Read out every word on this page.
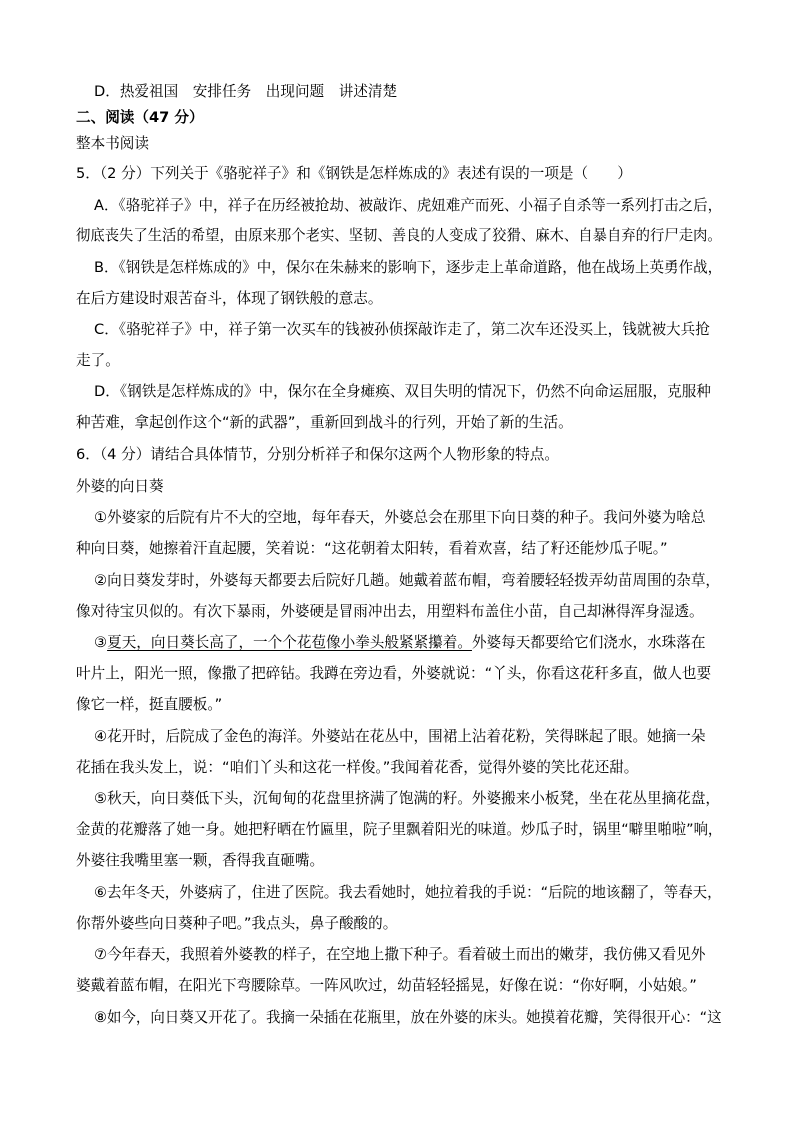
D．热爱祖国　安排任务　出现问题　讲述清楚
二、阅读（47 分）
整本书阅读
5．（2 分）下列关于《骆驼祥子》和《钢铁是怎样炼成的》表述有误的一项是（　　）
A．《骆驼祥子》中，祥子在历经被抢劫、被敲诈、虎妞难产而死、小福子自杀等一系列打击之后，
彻底丧失了生活的希望，由原来那个老实、坚韧、善良的人变成了狡猾、麻木、自暴自弃的行尸走肉。
B．《钢铁是怎样炼成的》中，保尔在朱赫来的影响下，逐步走上革命道路，他在战场上英勇作战，
在后方建设时艰苦奋斗，体现了钢铁般的意志。
C．《骆驼祥子》中，祥子第一次买车的钱被孙侦探敲诈走了，第二次车还没买上，钱就被大兵抢
走了。
D．《钢铁是怎样炼成的》中，保尔在全身瘫痪、双目失明的情况下，仍然不向命运屈服，克服种
种苦难，拿起创作这个“新的武器”，重新回到战斗的行列，开始了新的生活。
6．（4 分）请结合具体情节，分别分析祥子和保尔这两个人物形象的特点。
外婆的向日葵
①外婆家的后院有片不大的空地，每年春天，外婆总会在那里下向日葵的种子。我问外婆为啥总
种向日葵，她擦着汗直起腰，笑着说：“这花朝着太阳转，看着欢喜，结了籽还能炒瓜子呢。”
②向日葵发芽时，外婆每天都要去后院好几趟。她戴着蓝布帽，弯着腰轻轻拨弄幼苗周围的杂草，
像对待宝贝似的。有次下暴雨，外婆硬是冒雨冲出去，用塑料布盖住小苗，自己却淋得浑身湿透。
③夏天，向日葵长高了，一个个花苞像小拳头般紧紧攥着。外婆每天都要给它们浇水，水珠落在
叶片上，阳光一照，像撒了把碎钻。我蹲在旁边看，外婆就说：“丫头，你看这花秆多直，做人也要
像它一样，挺直腰板。”
④花开时，后院成了金色的海洋。外婆站在花丛中，围裙上沾着花粉，笑得眯起了眼。她摘一朵
花插在我头发上，说：“咱们丫头和这花一样俊。”我闻着花香，觉得外婆的笑比花还甜。
⑤秋天，向日葵低下头，沉甸甸的花盘里挤满了饱满的籽。外婆搬来小板凳，坐在花丛里摘花盘，
金黄的花瓣落了她一身。她把籽晒在竹匾里，院子里飘着阳光的味道。炒瓜子时，锅里“噼里啪啦”响，
外婆往我嘴里塞一颗，香得我直砸嘴。
⑥去年冬天，外婆病了，住进了医院。我去看她时，她拉着我的手说：“后院的地该翻了，等春天，
你帮外婆些向日葵种子吧。”我点头，鼻子酸酸的。
⑦今年春天，我照着外婆教的样子，在空地上撒下种子。看着破土而出的嫩芽，我仿佛又看见外
婆戴着蓝布帽，在阳光下弯腰除草。一阵风吹过，幼苗轻轻摇晃，好像在说：“你好啊，小姑娘。”
⑧如今，向日葵又开花了。我摘一朵插在花瓶里，放在外婆的床头。她摸着花瓣，笑得很开心：“这
